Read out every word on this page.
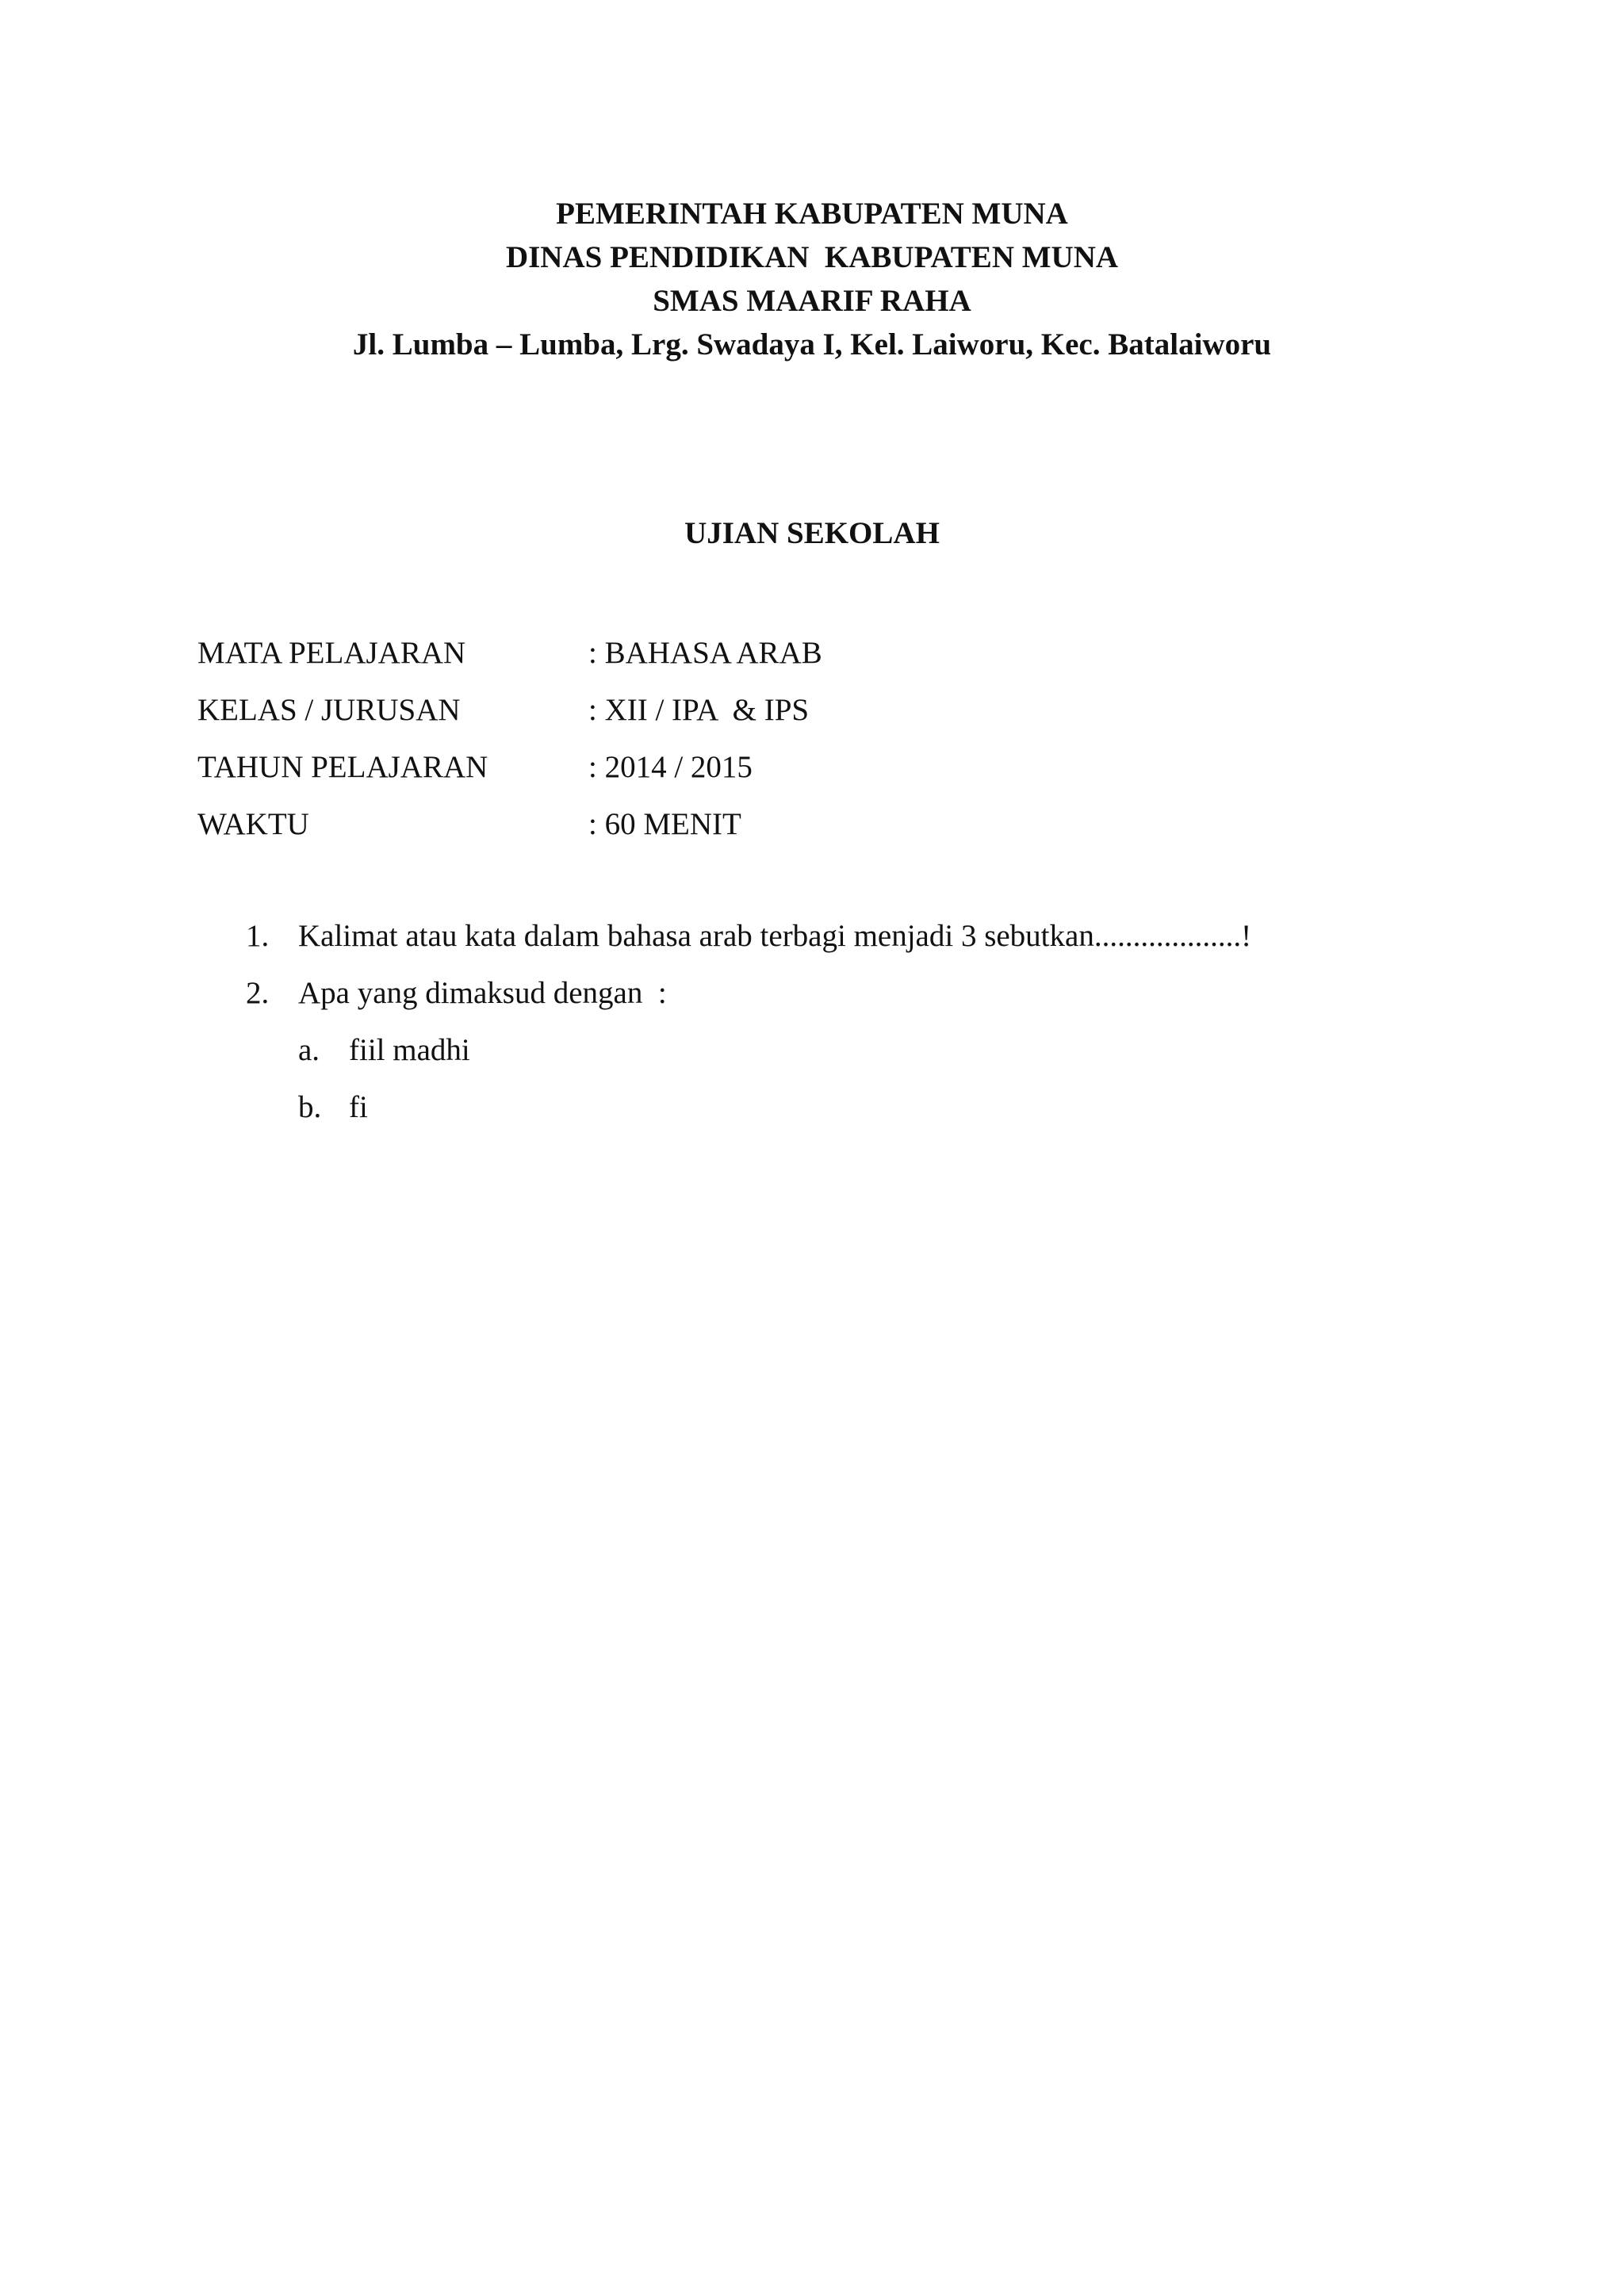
PEMERINTAH KABUPATEN MUNA
DINAS PENDIDIKAN  KABUPATEN MUNA
SMAS MAARIF RAHA
Jl. Lumba – Lumba, Lrg. Swadaya I, Kel. Laiworu, Kec. Batalaiworu
UJIAN SEKOLAH
MATA PELAJARAN	: BAHASA ARAB
KELAS / JURUSAN	: XII / IPA  & IPS
TAHUN PELAJARAN	: 2014 / 2015
WAKTU	: 60 MENIT
1. Kalimat atau kata dalam bahasa arab terbagi menjadi 3 sebutkan...................!
2. Apa yang dimaksud dengan  :
a. fiil madhi
b. fi
